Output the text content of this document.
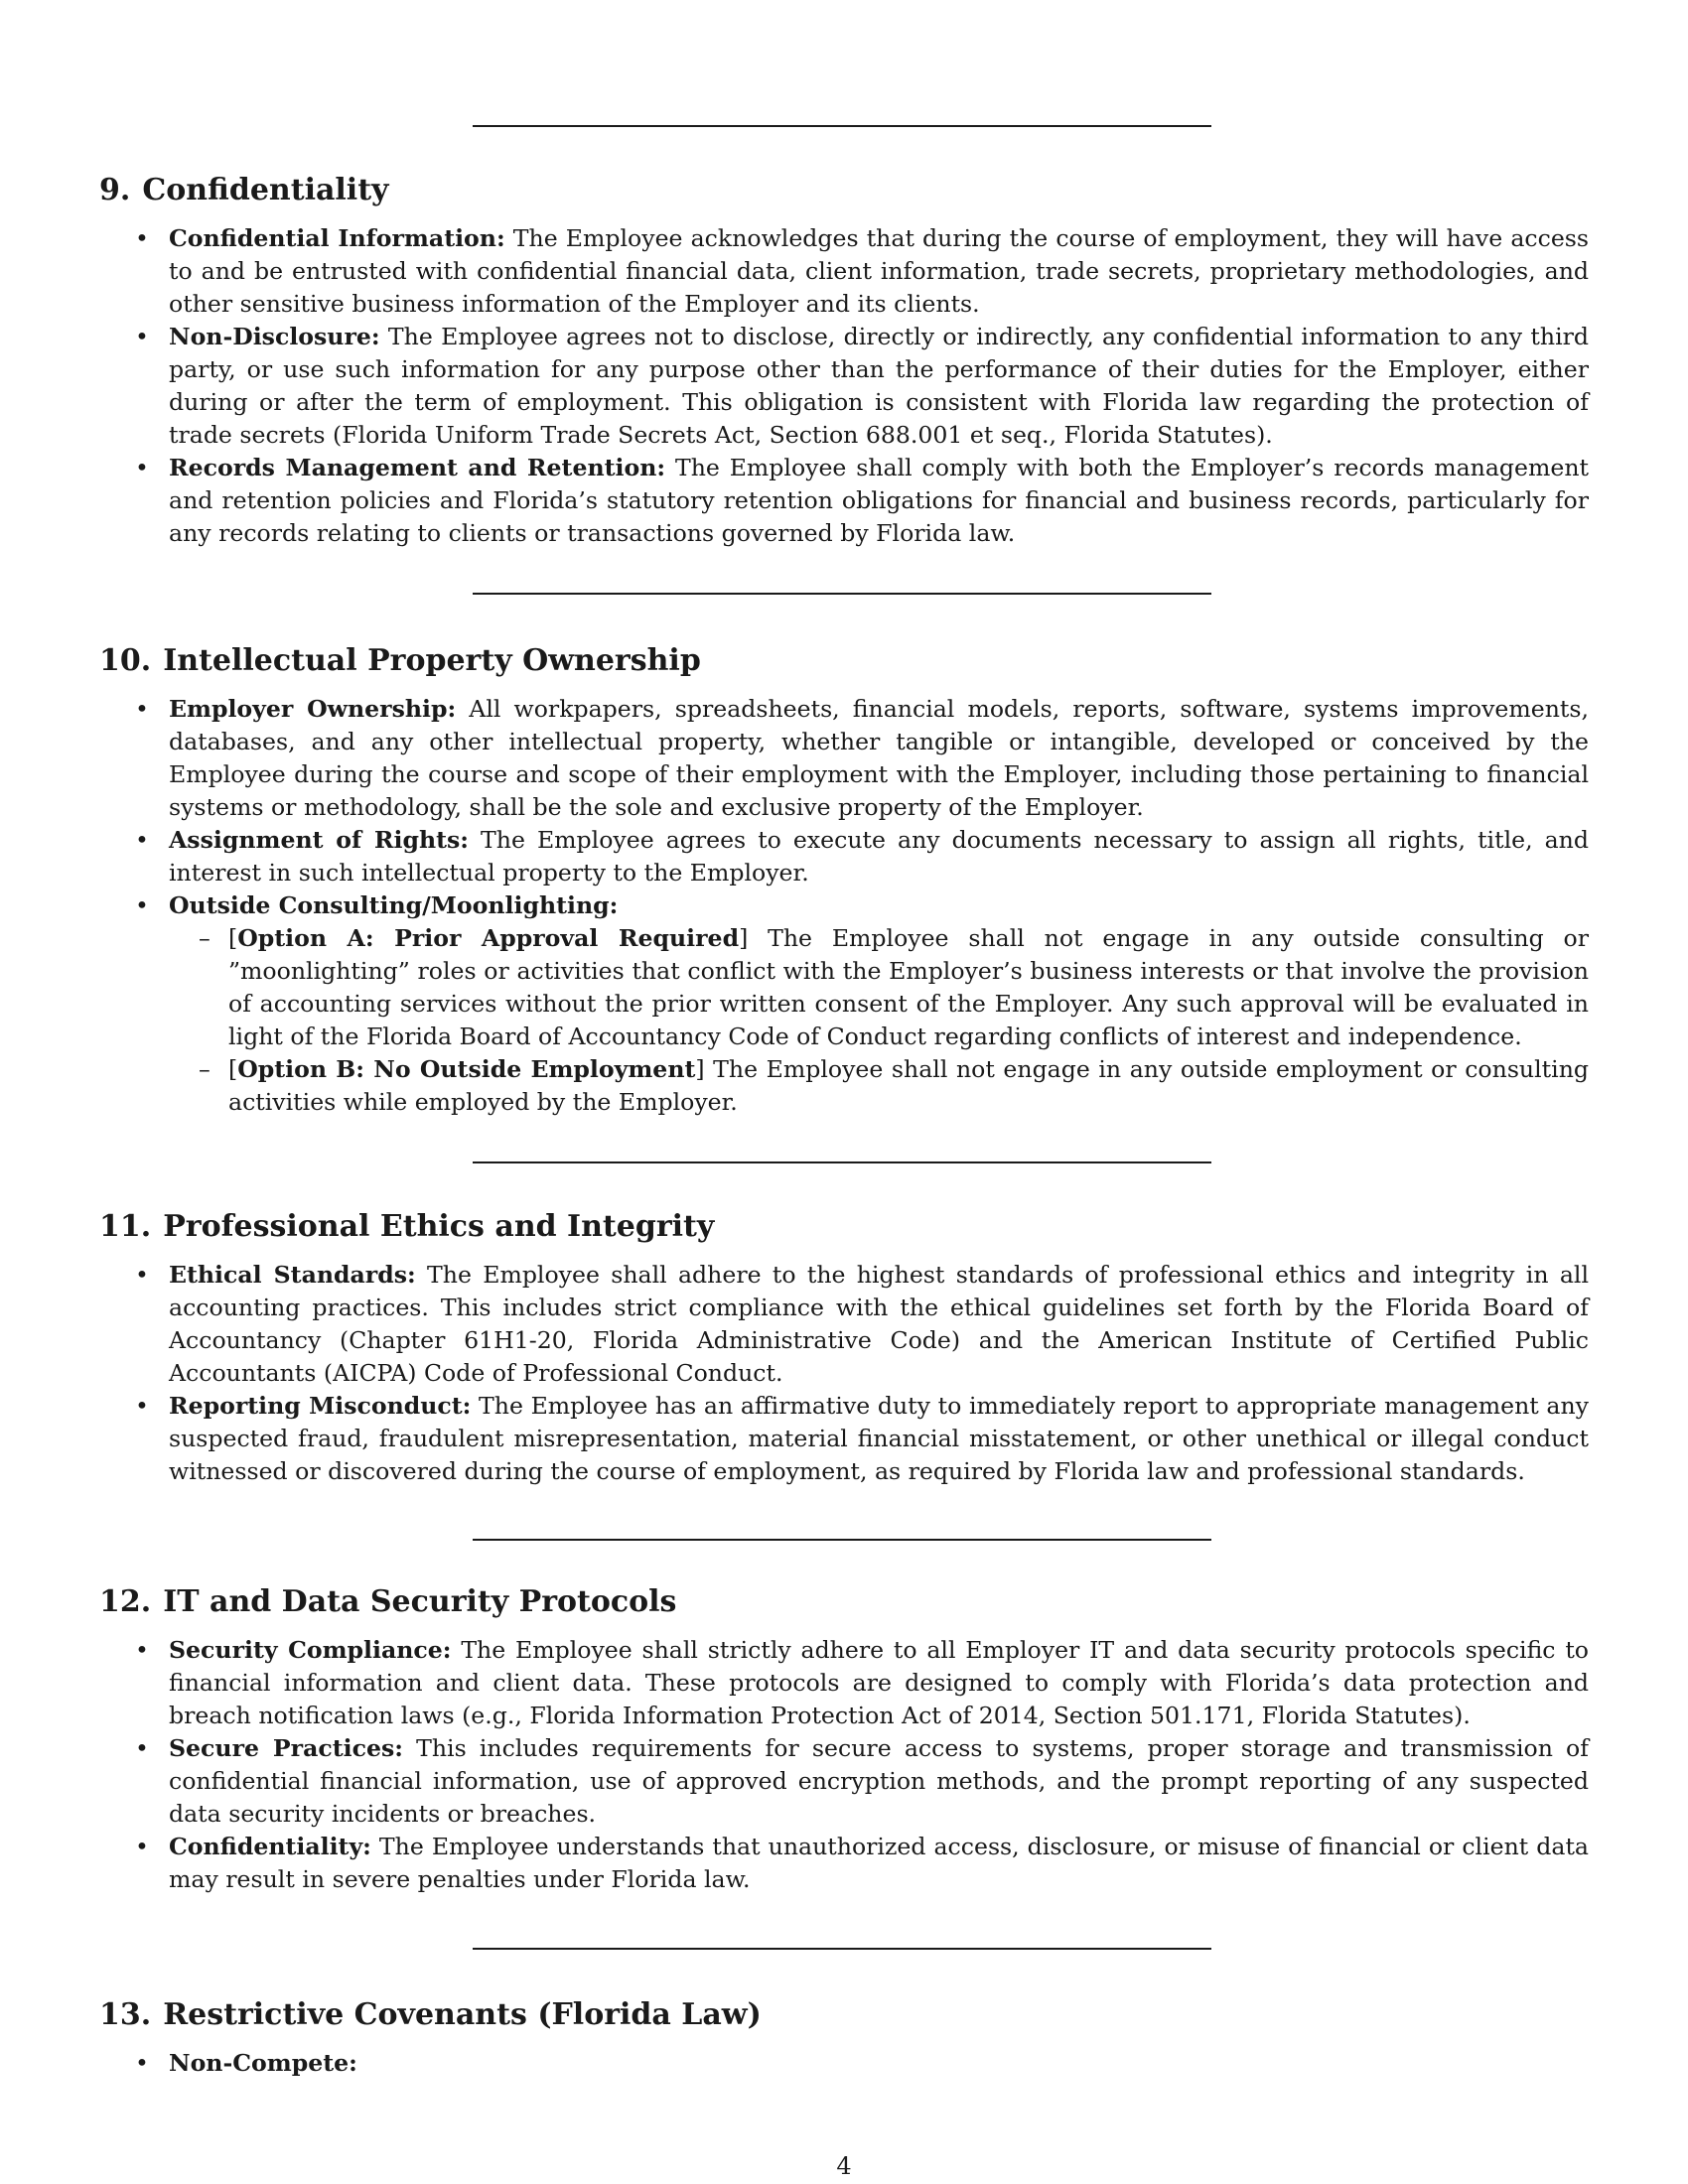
9. Confidentiality
• Confidential Information: The Employee acknowledges that during the course of employment, they will have access to and be entrusted with confidential financial data, client information, trade secrets, proprietary methodologies, and other sensitive business information of the Employer and its clients.
• Non-Disclosure: The Employee agrees not to disclose, directly or indirectly, any confidential information to any third party, or use such information for any purpose other than the performance of their duties for the Employer, either during or after the term of employment. This obligation is consistent with Florida law regarding the protection of trade secrets (Florida Uniform Trade Secrets Act, Section 688.001 et seq., Florida Statutes).
• Records Management and Retention: The Employee shall comply with both the Employer’s records management and retention policies and Florida’s statutory retention obligations for financial and business records, particularly for any records relating to clients or transactions governed by Florida law.
10. Intellectual Property Ownership
• Employer Ownership: All workpapers, spreadsheets, financial models, reports, software, systems improvements, databases, and any other intellectual property, whether tangible or intangible, developed or conceived by the Employee during the course and scope of their employment with the Employer, including those pertaining to financial systems or methodology, shall be the sole and exclusive property of the Employer.
• Assignment of Rights: The Employee agrees to execute any documents necessary to assign all rights, title, and interest in such intellectual property to the Employer.
• Outside Consulting/Moonlighting:
– [Option A: Prior Approval Required] The Employee shall not engage in any outside consulting or ”moonlighting” roles or activities that conflict with the Employer’s business interests or that involve the provision of accounting services without the prior written consent of the Employer. Any such approval will be evaluated in light of the Florida Board of Accountancy Code of Conduct regarding conflicts of interest and independence.
– [Option B: No Outside Employment] The Employee shall not engage in any outside employment or consulting activities while employed by the Employer.
11. Professional Ethics and Integrity
• Ethical Standards: The Employee shall adhere to the highest standards of professional ethics and integrity in all accounting practices. This includes strict compliance with the ethical guidelines set forth by the Florida Board of Accountancy (Chapter 61H1-20, Florida Administrative Code) and the American Institute of Certified Public Accountants (AICPA) Code of Professional Conduct.
• Reporting Misconduct: The Employee has an affirmative duty to immediately report to appropriate management any suspected fraud, fraudulent misrepresentation, material financial misstatement, or other unethical or illegal conduct witnessed or discovered during the course of employment, as required by Florida law and professional standards.
12. IT and Data Security Protocols
• Security Compliance: The Employee shall strictly adhere to all Employer IT and data security protocols specific to financial information and client data. These protocols are designed to comply with Florida’s data protection and breach notification laws (e.g., Florida Information Protection Act of 2014, Section 501.171, Florida Statutes).
• Secure Practices: This includes requirements for secure access to systems, proper storage and transmission of confidential financial information, use of approved encryption methods, and the prompt reporting of any suspected data security incidents or breaches.
• Confidentiality: The Employee understands that unauthorized access, disclosure, or misuse of financial or client data may result in severe penalties under Florida law.
13. Restrictive Covenants (Florida Law)
• Non-Compete:
4
